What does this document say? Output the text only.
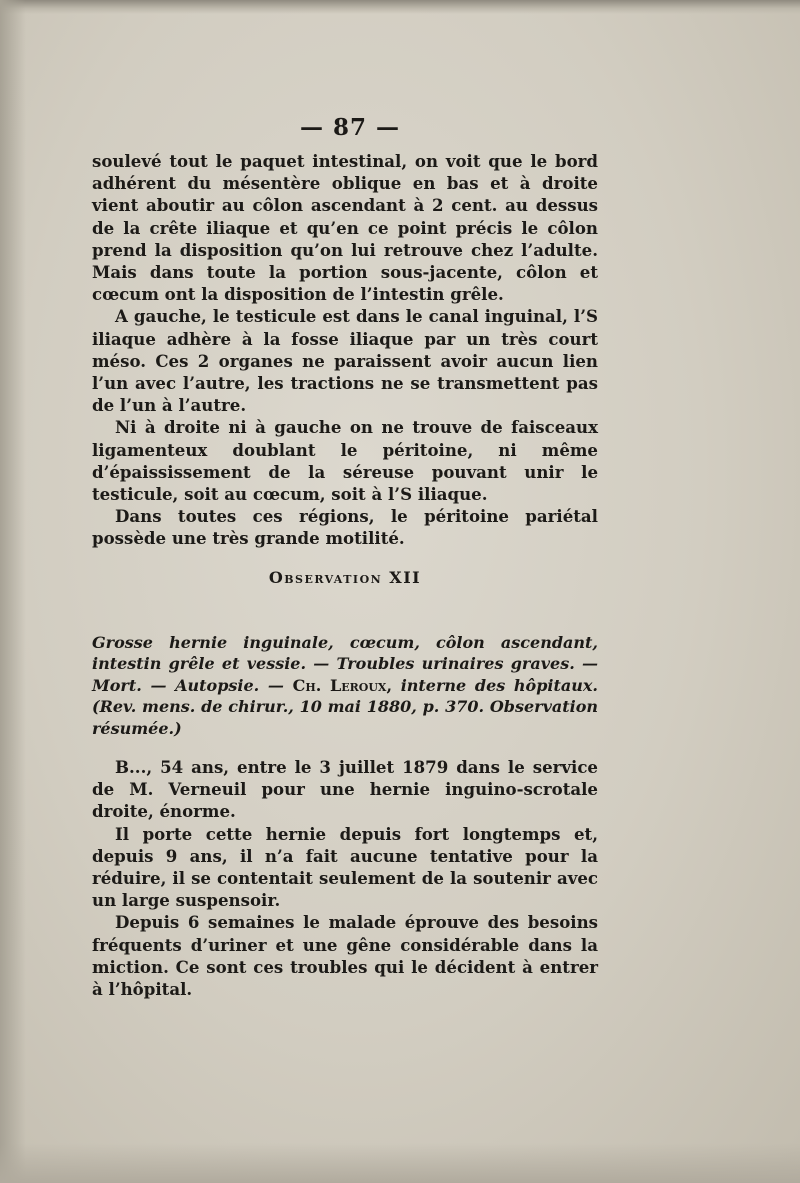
— 87 —

soulevé tout le paquet intestinal, on voit que le bord adhérent du mésentère oblique en bas et à droite vient aboutir au côlon ascendant à 2 cent. au dessus de la crête iliaque et qu’en ce point précis le côlon prend la disposition qu’on lui retrouve chez l’adulte. Mais dans toute la portion sous-jacente, côlon et cœcum ont la disposition de l’intestin grêle.

A gauche, le testicule est dans le canal inguinal, l’S iliaque adhère à la fosse iliaque par un très court méso. Ces 2 organes ne paraissent avoir aucun lien l’un avec l’autre, les tractions ne se transmettent pas de l’un à l’autre.

Ni à droite ni à gauche on ne trouve de faisceaux ligamenteux doublant le péritoine, ni même d’épaississement de la séreuse pouvant unir le testicule, soit au cœcum, soit à l’S iliaque.

Dans toutes ces régions, le péritoine pariétal possède une très grande motilité.

Observation XII
Grosse hernie inguinale, cœcum, côlon ascendant, intestin grêle et vessie. — Troubles urinaires graves. — Mort. — Autopsie. — Ch. Leroux, interne des hôpitaux. (Rev. mens. de chirur., 10 mai 1880, p. 370. Observation résumée.)

B..., 54 ans, entre le 3 juillet 1879 dans le service de M. Verneuil pour une hernie inguino-scrotale droite, énorme.

Il porte cette hernie depuis fort longtemps et, depuis 9 ans, il n’a fait aucune tentative pour la réduire, il se contentait seulement de la soutenir avec un large suspensoir.

Depuis 6 semaines le malade éprouve des besoins fréquents d’uriner et une gêne considérable dans la miction. Ce sont ces troubles qui le décident à entrer à l’hôpital.
